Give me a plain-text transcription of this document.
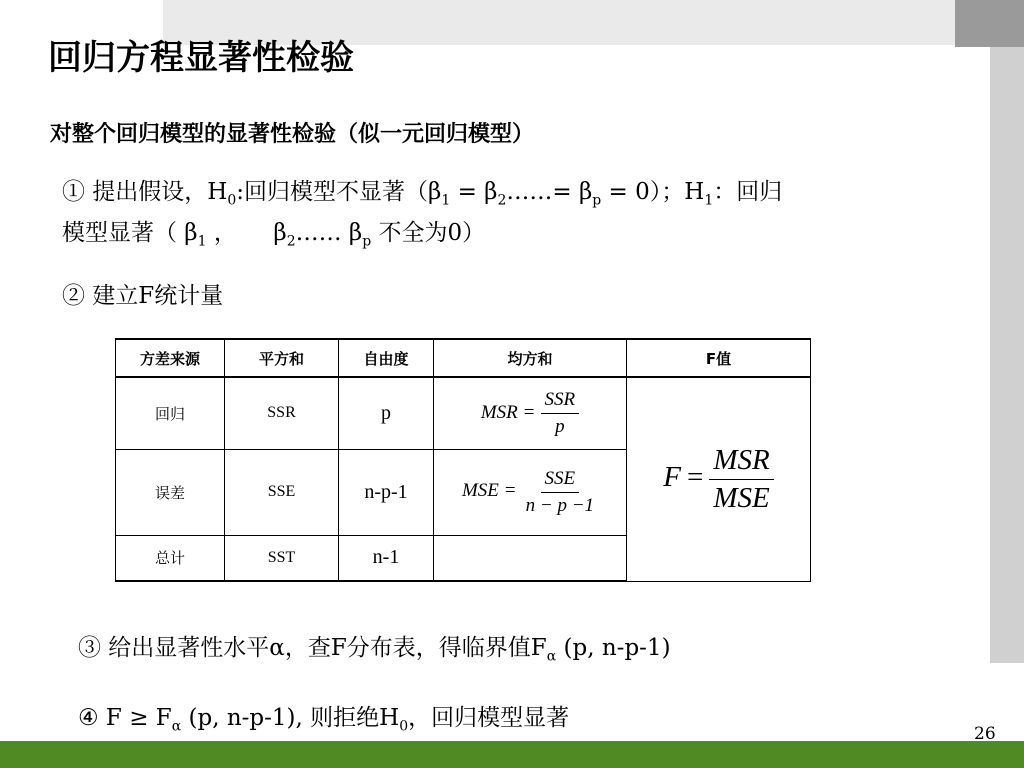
回归方程显著性检验
对整个回归模型的显著性检验（似一元回归模型）
① 提出假设，$H_0$:回归模型不显著（$\beta_1$ = $\beta_2\dots\dots= \beta_p = 0$）；$H_1$：回归
模型显著（ $\beta_1$ ，     $\beta_2\dots\dots$ $\beta_p$ 不全为0）
② 建立F统计量
方差来源	平方和	自由度	均方和	F值
回归	SSR	p	MSR = $\frac{\text{SSR}}{p}$	$F = \frac{\text{MSR}}{\text{MSE}}$

误差	SSE	n-p-1	MSE = $\frac{\text{SSE}}{n - p -1}$

总计	SST	n-1		
③ 给出显著性水平α，查F分布表，得临界值$F_\alpha$ (p, n-p-1)
④ $F \ge F_\alpha$ (p, n-p-1), 则拒绝$H_0$，回归模型显著
26
